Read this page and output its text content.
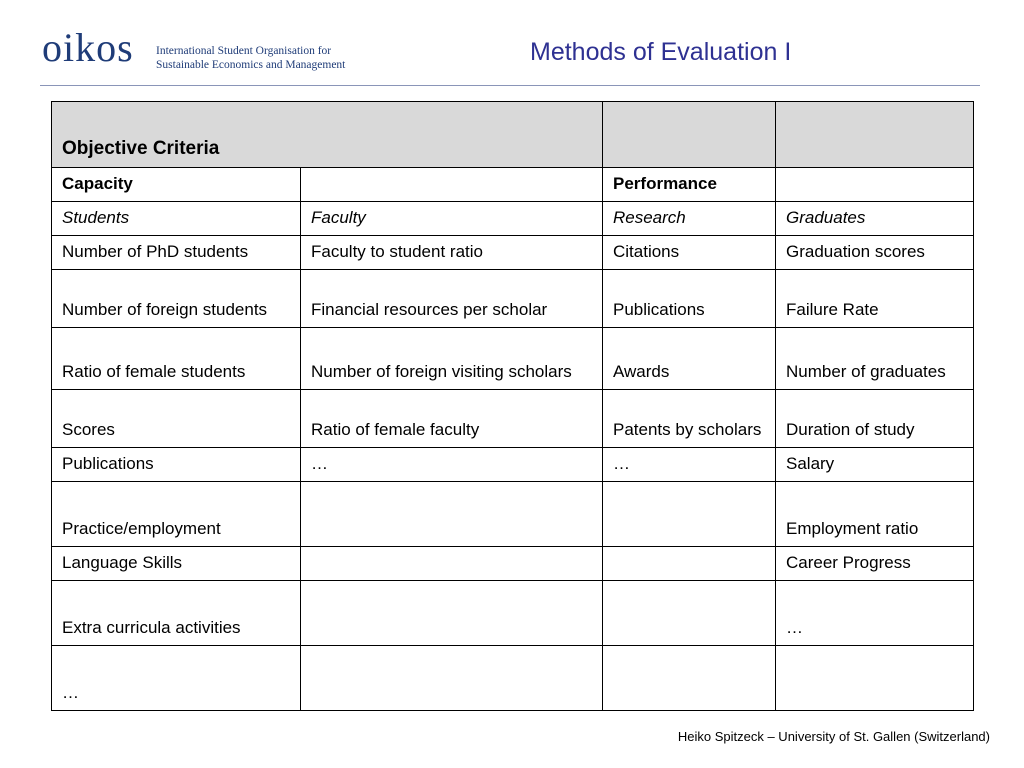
oikos International Student Organisation for
Sustainable Economics and Management	Methods of Evaluation I
Objective Criteria			
Capacity		Performance	
Students	Faculty	Research	Graduates
Number of PhD students	Faculty to student ratio	Citations	Graduation scores
Number of foreign students	Financial resources per scholar	Publications	Failure Rate
Ratio of female students	Number of foreign visiting scholars	Awards	Number of graduates
Scores	Ratio of female faculty	Patents by scholars	Duration of study
Publications	…	…	Salary
Practice/employment			Employment ratio
Language Skills			Career Progress
Extra curricula activities			…
…			
Heiko Spitzeck – University of St. Gallen (Switzerland)
